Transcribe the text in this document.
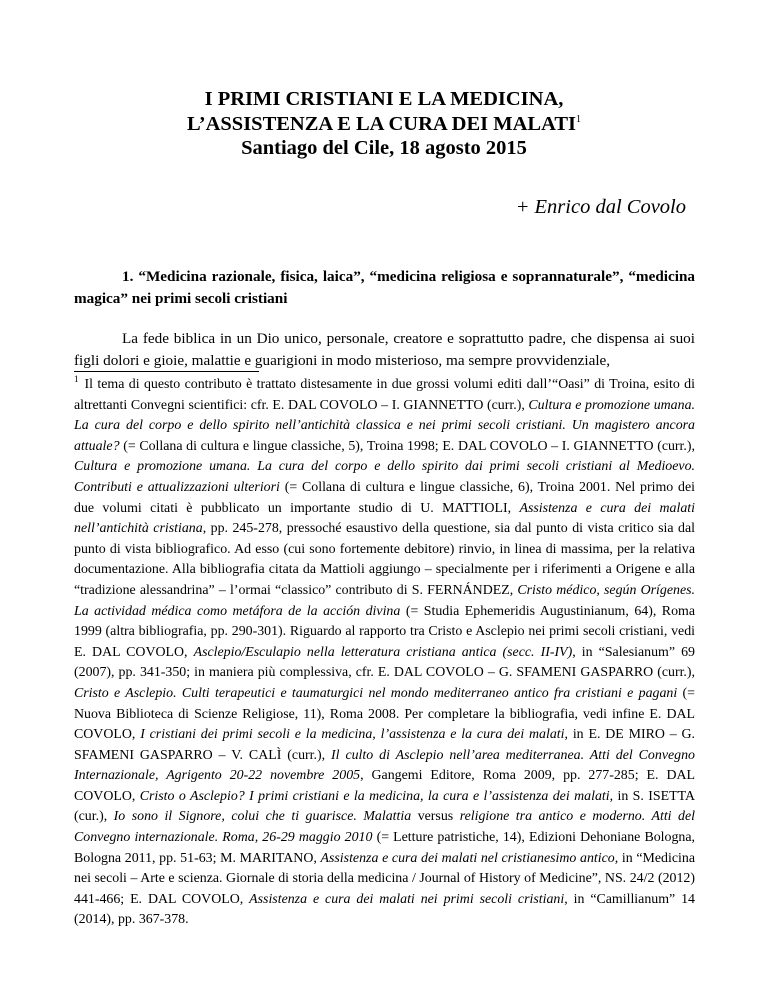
I PRIMI CRISTIANI E LA MEDICINA,
L’ASSISTENZA E LA CURA DEI MALATI$^1$
Santiago del Cile, 18 agosto 2015
+ Enrico dal Covolo
1. “Medicina razionale, fisica, laica”, “medicina religiosa e soprannaturale”, “medicina magica” nei primi secoli cristiani
La fede biblica in un Dio unico, personale, creatore e soprattutto padre, che dispensa ai suoi figli dolori e gioie, malattie e guarigioni in modo misterioso, ma sempre provvidenziale,
$^1$ Il tema di questo contributo è trattato distesamente in due grossi volumi editi dall’“Oasi” di Troina, esito di altrettanti Convegni scientifici: cfr. E. DAL COVOLO – I. GIANNETTO (curr.), Cultura e promozione umana. La cura del corpo e dello spirito nell’antichità classica e nei primi secoli cristiani. Un magistero ancora attuale? (= Collana di cultura e lingue classiche, 5), Troina 1998; E. DAL COVOLO – I. GIANNETTO (curr.), Cultura e promozione umana. La cura del corpo e dello spirito dai primi secoli cristiani al Medioevo. Contributi e attualizzazioni ulteriori (= Collana di cultura e lingue classiche, 6), Troina 2001. Nel primo dei due volumi citati è pubblicato un importante studio di U. MATTIOLI, Assistenza e cura dei malati nell’antichità cristiana, pp. 245-278, pressoché esaustivo della questione, sia dal punto di vista critico sia dal punto di vista bibliografico. Ad esso (cui sono fortemente debitore) rinvio, in linea di massima, per la relativa documentazione. Alla bibliografia citata da Mattioli aggiungo – specialmente per i riferimenti a Origene e alla “tradizione alessandrina” – l’ormai “classico” contributo di S. FERNÁNDEZ, Cristo médico, según Orígenes. La actividad médica como metáfora de la acción divina (= Studia Ephemeridis Augustinianum, 64), Roma 1999 (altra bibliografia, pp. 290-301). Riguardo al rapporto tra Cristo e Asclepio nei primi secoli cristiani, vedi E. DAL COVOLO, Asclepio/Esculapio nella letteratura cristiana antica (secc. II-IV), in “Salesianum” 69 (2007), pp. 341-350; in maniera più complessiva, cfr. E. DAL COVOLO – G. SFAMENI GASPARRO (curr.), Cristo e Asclepio. Culti terapeutici e taumaturgici nel mondo mediterraneo antico fra cristiani e pagani (= Nuova Biblioteca di Scienze Religiose, 11), Roma 2008. Per completare la bibliografia, vedi infine E. DAL COVOLO, I cristiani dei primi secoli e la medicina, l’assistenza e la cura dei malati, in E. DE MIRO – G. SFAMENI GASPARRO – V. CALÌ (curr.), Il culto di Asclepio nell’area mediterranea. Atti del Convegno Internazionale, Agrigento 20-22 novembre 2005, Gangemi Editore, Roma 2009, pp. 277-285; E. DAL COVOLO, Cristo o Asclepio? I primi cristiani e la medicina, la cura e l’assistenza dei malati, in S. ISETTA (cur.), Io sono il Signore, colui che ti guarisce. Malattia versus religione tra antico e moderno. Atti del Convegno internazionale. Roma, 26-29 maggio 2010 (= Letture patristiche, 14), Edizioni Dehoniane Bologna, Bologna 2011, pp. 51-63; M. MARITANO, Assistenza e cura dei malati nel cristianesimo antico, in “Medicina nei secoli – Arte e scienza. Giornale di storia della medicina / Journal of History of Medicine”, NS. 24/2 (2012) 441-466; E. DAL COVOLO, Assistenza e cura dei malati nei primi secoli cristiani, in “Camillianum” 14 (2014), pp. 367-378.
